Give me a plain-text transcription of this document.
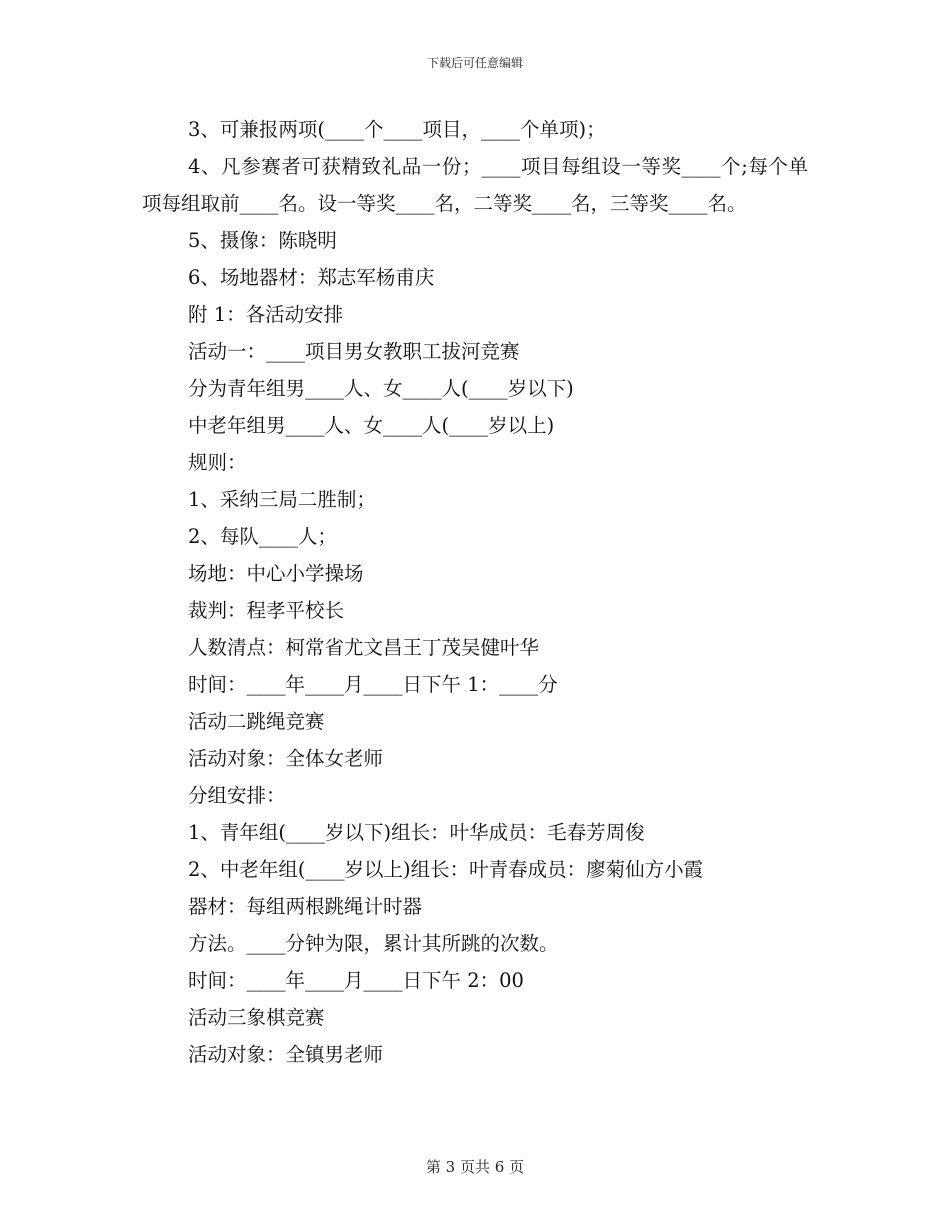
下载后可任意编辑
3、可兼报两项(____个____项目，____个单项)；
4、凡参赛者可获精致礼品一份；____项目每组设一等奖____个;每个单项每组取前____名。设一等奖____名，二等奖____名，三等奖____名。
5、摄像：陈晓明
6、场地器材：郑志军杨甫庆
附 1：各活动安排
活动一：____项目男女教职工拔河竞赛
分为青年组男____人、女____人(____岁以下)
中老年组男____人、女____人(____岁以上)
规则：
1、采纳三局二胜制；
2、每队____人；
场地：中心小学操场
裁判：程孝平校长
人数清点：柯常省尤文昌王丁茂吴健叶华
时间：____年____月____日下午 1：____分
活动二跳绳竞赛
活动对象：全体女老师
分组安排：
1、青年组(____岁以下)组长：叶华成员：毛春芳周俊
2、中老年组(____岁以上)组长：叶青春成员：廖菊仙方小霞
器材：每组两根跳绳计时器
方法。____分钟为限，累计其所跳的次数。
时间：____年____月____日下午 2：00
活动三象棋竞赛
活动对象：全镇男老师
第 3 页共 6 页
